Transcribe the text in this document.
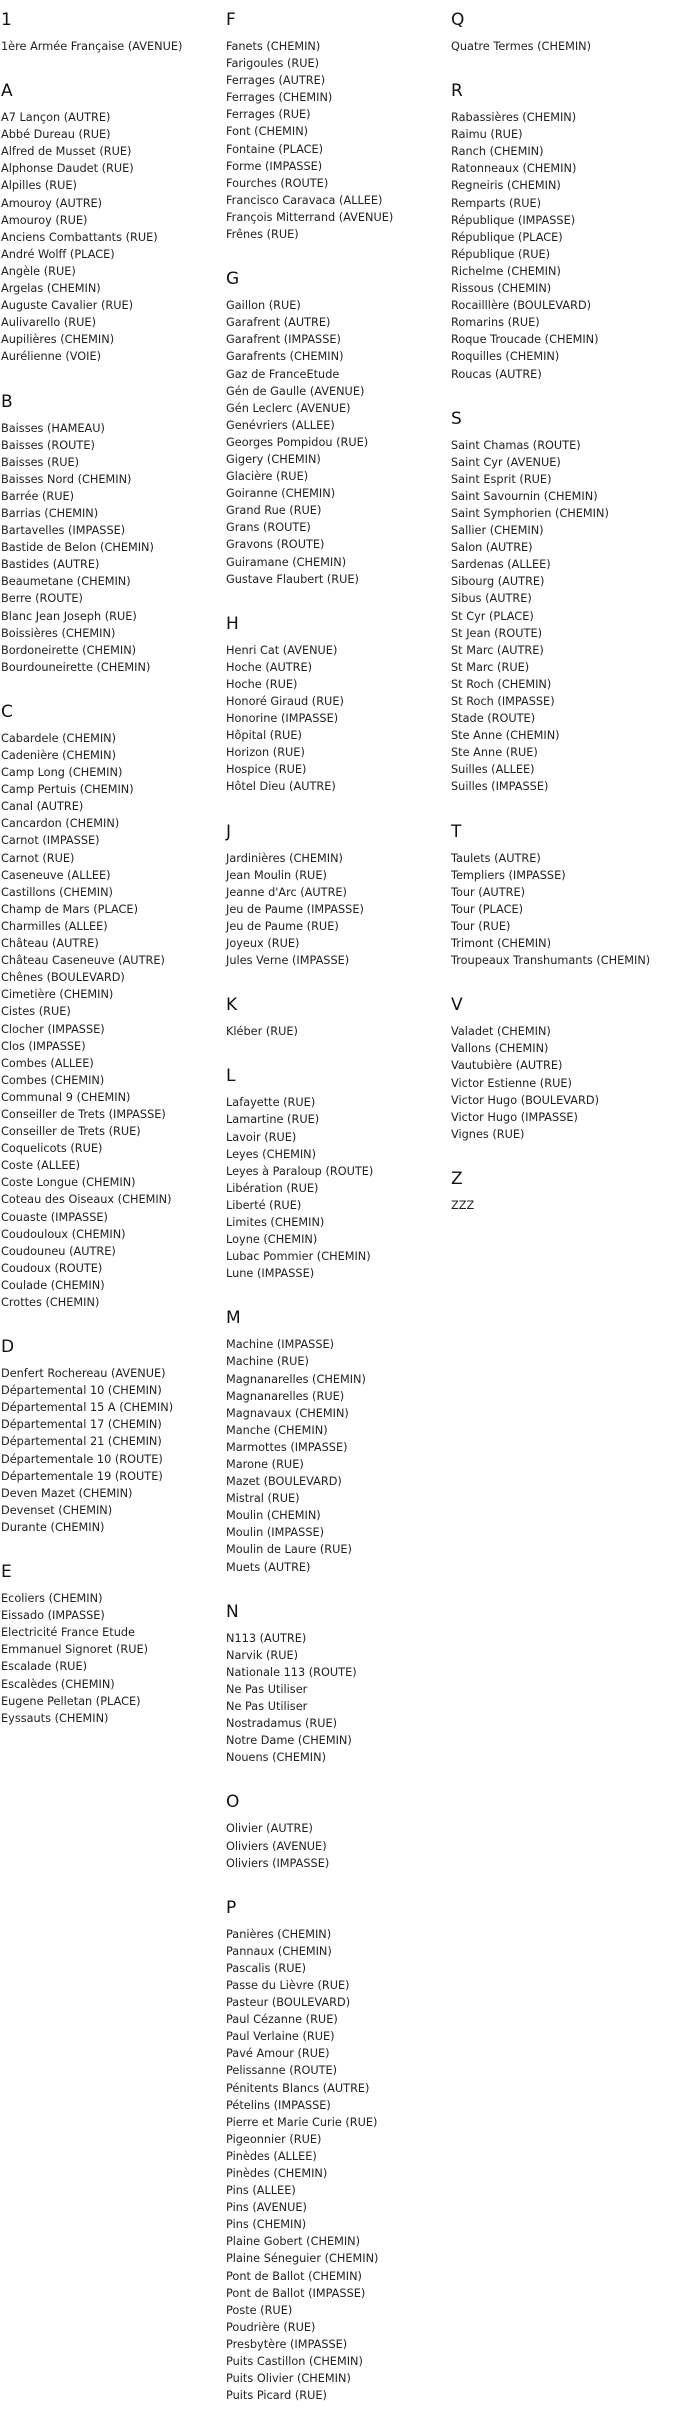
1
1ère Armée Française (AVENUE)
A
A7 Lançon (AUTRE)
Abbé Dureau (RUE)
Alfred de Musset (RUE)
Alphonse Daudet (RUE)
Alpilles (RUE)
Amouroy (AUTRE)
Amouroy (RUE)
Anciens Combattants (RUE)
André Wolff (PLACE)
Angèle (RUE)
Argelas (CHEMIN)
Auguste Cavalier (RUE)
Aulivarello (RUE)
Aupilières (CHEMIN)
Aurélienne (VOIE)
B
Baisses (HAMEAU)
Baisses (ROUTE)
Baisses (RUE)
Baisses Nord (CHEMIN)
Barrée (RUE)
Barrias (CHEMIN)
Bartavelles (IMPASSE)
Bastide de Belon (CHEMIN)
Bastides (AUTRE)
Beaumetane (CHEMIN)
Berre (ROUTE)
Blanc Jean Joseph (RUE)
Boissières (CHEMIN)
Bordoneirette (CHEMIN)
Bourdouneirette (CHEMIN)
C
Cabardele (CHEMIN)
Cadenière (CHEMIN)
Camp Long (CHEMIN)
Camp Pertuis (CHEMIN)
Canal (AUTRE)
Cancardon (CHEMIN)
Carnot (IMPASSE)
Carnot (RUE)
Caseneuve (ALLEE)
Castillons (CHEMIN)
Champ de Mars (PLACE)
Charmilles (ALLEE)
Château (AUTRE)
Château Caseneuve (AUTRE)
Chênes (BOULEVARD)
Cimetière (CHEMIN)
Cistes (RUE)
Clocher (IMPASSE)
Clos (IMPASSE)
Combes (ALLEE)
Combes (CHEMIN)
Communal 9 (CHEMIN)
Conseiller de Trets (IMPASSE)
Conseiller de Trets (RUE)
Coquelicots (RUE)
Coste (ALLEE)
Coste Longue (CHEMIN)
Coteau des Oiseaux (CHEMIN)
Couaste (IMPASSE)
Coudouloux (CHEMIN)
Coudouneu (AUTRE)
Coudoux (ROUTE)
Coulade (CHEMIN)
Crottes (CHEMIN)
D
Denfert Rochereau (AVENUE)
Départemental 10 (CHEMIN)
Départemental 15 A (CHEMIN)
Départemental 17 (CHEMIN)
Départemental 21 (CHEMIN)
Départementale 10 (ROUTE)
Départementale 19 (ROUTE)
Deven Mazet (CHEMIN)
Devenset (CHEMIN)
Durante (CHEMIN)
E
Ecoliers (CHEMIN)
Eissado (IMPASSE)
Electricité France Etude
Emmanuel Signoret (RUE)
Escalade (RUE)
Escalèdes (CHEMIN)
Eugene Pelletan (PLACE)
Eyssauts (CHEMIN)
F
Fanets (CHEMIN)
Farigoules (RUE)
Ferrages (AUTRE)
Ferrages (CHEMIN)
Ferrages (RUE)
Font (CHEMIN)
Fontaine (PLACE)
Forme (IMPASSE)
Fourches (ROUTE)
Francisco Caravaca (ALLEE)
François Mitterrand (AVENUE)
Frênes (RUE)
G
Gaillon (RUE)
Garafrent (AUTRE)
Garafrent (IMPASSE)
Garafrents (CHEMIN)
Gaz de FranceEtude
Gén de Gaulle (AVENUE)
Gén Leclerc (AVENUE)
Genévriers (ALLEE)
Georges Pompidou (RUE)
Gigery (CHEMIN)
Glacière (RUE)
Goiranne (CHEMIN)
Grand Rue (RUE)
Grans (ROUTE)
Gravons (ROUTE)
Guiramane (CHEMIN)
Gustave Flaubert (RUE)
H
Henri Cat (AVENUE)
Hoche (AUTRE)
Hoche (RUE)
Honoré Giraud (RUE)
Honorine (IMPASSE)
Hôpital (RUE)
Horizon (RUE)
Hospice (RUE)
Hôtel Dieu (AUTRE)
J
Jardinières (CHEMIN)
Jean Moulin (RUE)
Jeanne d'Arc (AUTRE)
Jeu de Paume (IMPASSE)
Jeu de Paume (RUE)
Joyeux (RUE)
Jules Verne (IMPASSE)
K
Kléber (RUE)
L
Lafayette (RUE)
Lamartine (RUE)
Lavoir (RUE)
Leyes (CHEMIN)
Leyes à Paraloup (ROUTE)
Libération (RUE)
Liberté (RUE)
Limites (CHEMIN)
Loyne (CHEMIN)
Lubac Pommier (CHEMIN)
Lune (IMPASSE)
M
Machine (IMPASSE)
Machine (RUE)
Magnanarelles (CHEMIN)
Magnanarelles (RUE)
Magnavaux (CHEMIN)
Manche (CHEMIN)
Marmottes (IMPASSE)
Marone (RUE)
Mazet (BOULEVARD)
Mistral (RUE)
Moulin (CHEMIN)
Moulin (IMPASSE)
Moulin de Laure (RUE)
Muets (AUTRE)
N
N113 (AUTRE)
Narvik (RUE)
Nationale 113 (ROUTE)
Ne Pas Utiliser
Ne Pas Utiliser
Nostradamus (RUE)
Notre Dame (CHEMIN)
Nouens (CHEMIN)
O
Olivier (AUTRE)
Oliviers (AVENUE)
Oliviers (IMPASSE)
P
Panières (CHEMIN)
Pannaux (CHEMIN)
Pascalis (RUE)
Passe du Lièvre (RUE)
Pasteur (BOULEVARD)
Paul Cézanne (RUE)
Paul Verlaine (RUE)
Pavé Amour (RUE)
Pelissanne (ROUTE)
Pénitents Blancs (AUTRE)
Pételins (IMPASSE)
Pierre et Marie Curie (RUE)
Pigeonnier (RUE)
Pinèdes (ALLEE)
Pinèdes (CHEMIN)
Pins (ALLEE)
Pins (AVENUE)
Pins (CHEMIN)
Plaine Gobert (CHEMIN)
Plaine Séneguier (CHEMIN)
Pont de Ballot (CHEMIN)
Pont de Ballot (IMPASSE)
Poste (RUE)
Poudrière (RUE)
Presbytère (IMPASSE)
Puits Castillon (CHEMIN)
Puits Olivier (CHEMIN)
Puits Picard (RUE)
Q
Quatre Termes (CHEMIN)
R
Rabassières (CHEMIN)
Raimu (RUE)
Ranch (CHEMIN)
Ratonneaux (CHEMIN)
Regneiris (CHEMIN)
Remparts (RUE)
République (IMPASSE)
République (PLACE)
République (RUE)
Richelme (CHEMIN)
Rissous (CHEMIN)
Rocailllère (BOULEVARD)
Romarins (RUE)
Roque Troucade (CHEMIN)
Roquilles (CHEMIN)
Roucas (AUTRE)
S
Saint Chamas (ROUTE)
Saint Cyr (AVENUE)
Saint Esprit (RUE)
Saint Savournin (CHEMIN)
Saint Symphorien (CHEMIN)
Sallier (CHEMIN)
Salon (AUTRE)
Sardenas (ALLEE)
Sibourg (AUTRE)
Sibus (AUTRE)
St Cyr (PLACE)
St Jean (ROUTE)
St Marc (AUTRE)
St Marc (RUE)
St Roch (CHEMIN)
St Roch (IMPASSE)
Stade (ROUTE)
Ste Anne (CHEMIN)
Ste Anne (RUE)
Suilles (ALLEE)
Suilles (IMPASSE)
T
Taulets (AUTRE)
Templiers (IMPASSE)
Tour (AUTRE)
Tour (PLACE)
Tour (RUE)
Trimont (CHEMIN)
Troupeaux Transhumants (CHEMIN)
V
Valadet (CHEMIN)
Vallons (CHEMIN)
Vautubière (AUTRE)
Victor Estienne (RUE)
Victor Hugo (BOULEVARD)
Victor Hugo (IMPASSE)
Vignes (RUE)
Z
ZZZ
